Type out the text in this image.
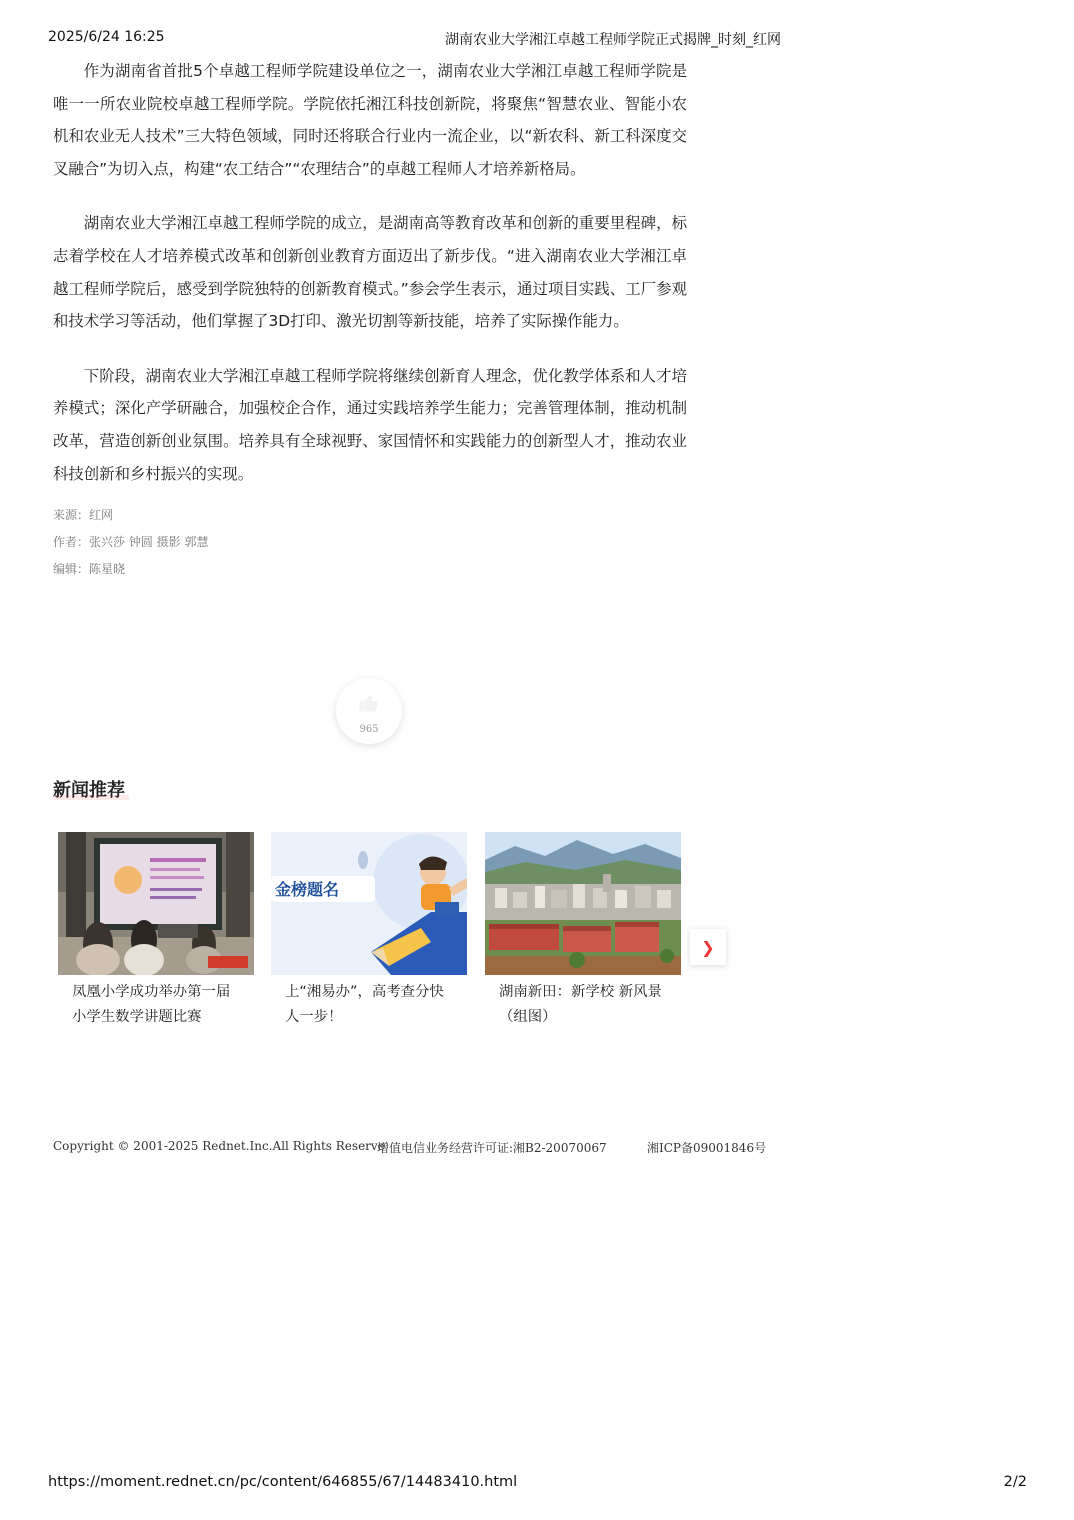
2025/6/24 16:25	湖南农业大学湘江卓越工程师学院正式揭牌_时刻_红网

作为湖南省首批5个卓越工程师学院建设单位之一，湖南农业大学湘江卓越工程师学院是唯一一所农业院校卓越工程师学院。学院依托湘江科技创新院，将聚焦“智慧农业、智能小农机和农业无人技术”三大特色领域，同时还将联合行业内一流企业，以“新农科、新工科深度交叉融合”为切入点，构建“农工结合”“农理结合”的卓越工程师人才培养新格局。

湖南农业大学湘江卓越工程师学院的成立，是湖南高等教育改革和创新的重要里程碑，标志着学校在人才培养模式改革和创新创业教育方面迈出了新步伐。“进入湖南农业大学湘江卓越工程师学院后，感受到学院独特的创新教育模式。”参会学生表示，通过项目实践、工厂参观和技术学习等活动，他们掌握了3D打印、激光切割等新技能，培养了实际操作能力。

下阶段，湖南农业大学湘江卓越工程师学院将继续创新育人理念，优化教学体系和人才培养模式；深化产学研融合，加强校企合作，通过实践培养学生能力；完善管理体制，推动机制改革，营造创新创业氛围。培养具有全球视野、家国情怀和实践能力的创新型人才，推动农业科技创新和乡村振兴的实现。

来源：红网
作者：张兴莎 钟圆 摄影 郭慧
编辑：陈星晓
965
新闻推荐
凤凰小学成功举办第一届小学生数学讲题比赛
金榜题名
上“湘易办”，高考查分快人一步！
湖南新田：新学校 新风景（组图）
❯
Copyright © 2001-2025 Rednet.Inc.All Rights Reserve
增值电信业务经营许可证:湘B2-20070067	湘ICP备09001846号
https://moment.rednet.cn/pc/content/646855/67/14483410.html	2/2
